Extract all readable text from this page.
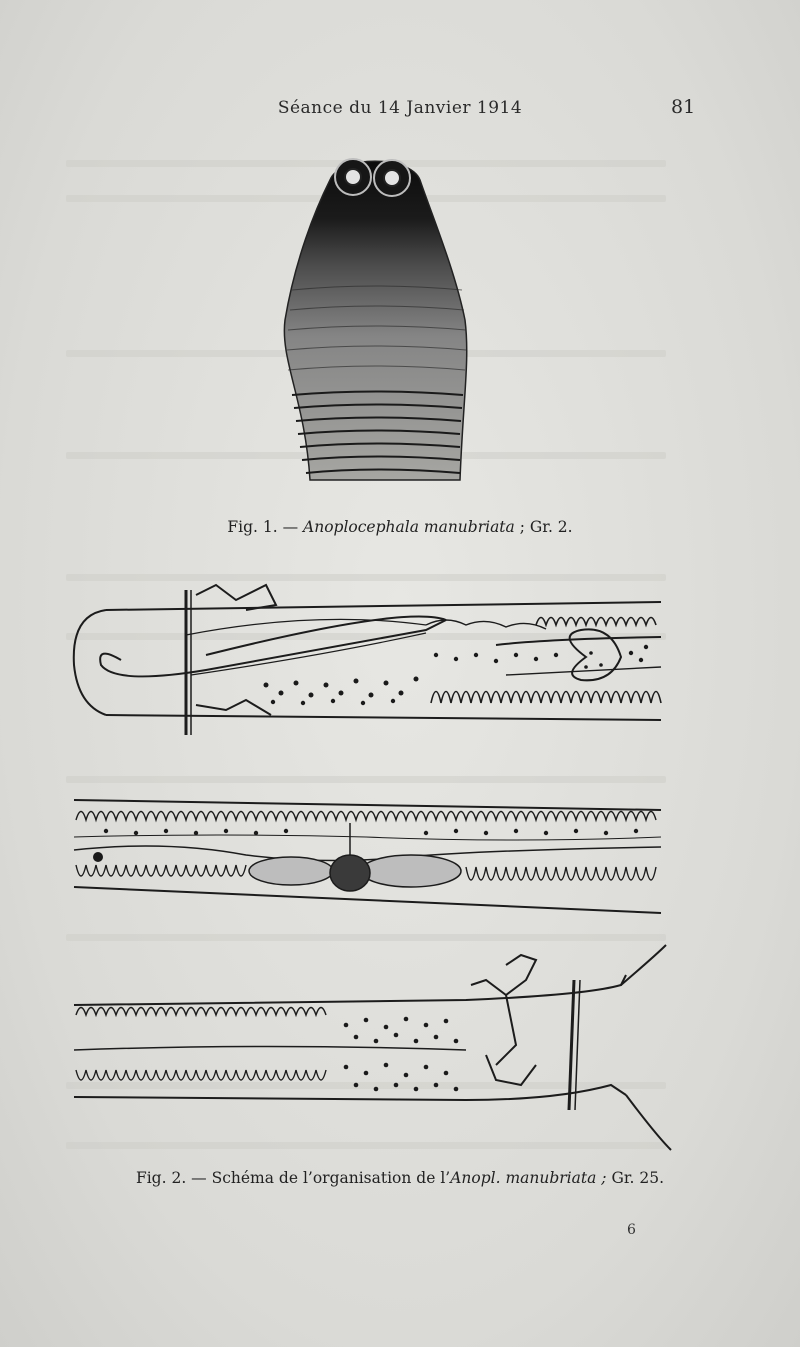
Séance du 14 Janvier 1914	81
Fig. 1. — Anoplocephala manubriata ; Gr. 2.
Fig. 2. — Schéma de l’organisation de l’Anopl. manubriata ; Gr. 25.
6
